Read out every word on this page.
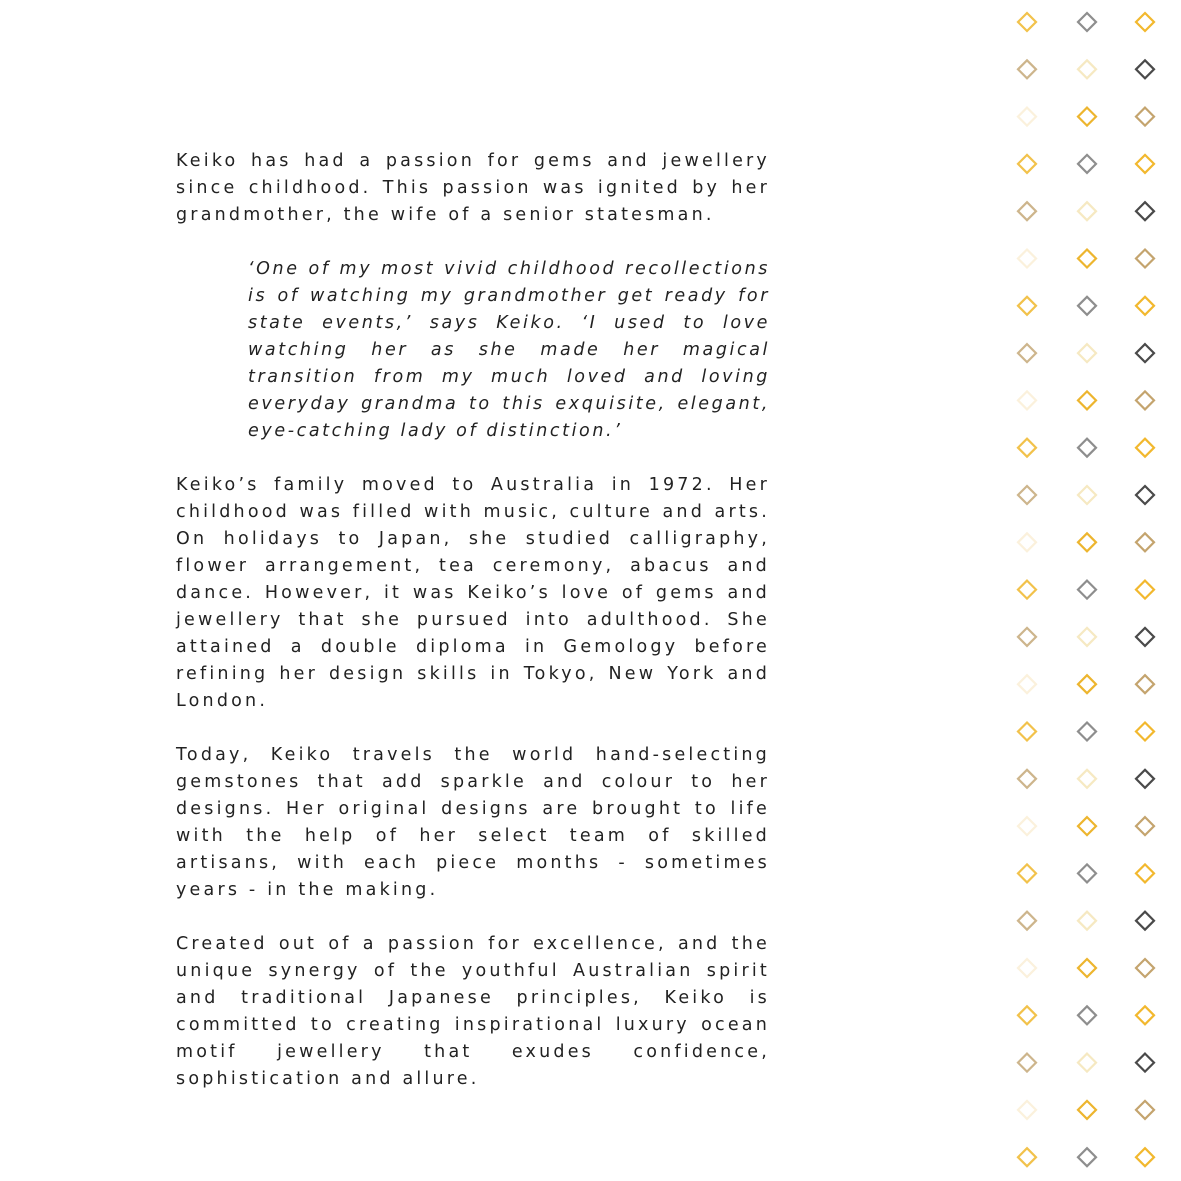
Keiko has had a passion for gems and jewellery since childhood. This passion was ignited by her grandmother, the wife of a senior statesman.

‘One of my most vivid childhood recollections is of watching my grandmother get ready for state events,’ says Keiko. ‘I used to love watching her as she made her magical transition from my much loved and loving everyday grandma to this exquisite, elegant, eye-catching lady of distinction.’

Keiko’s family moved to Australia in 1972. Her childhood was filled with music, culture and arts. On holidays to Japan, she studied calligraphy, flower arrangement, tea ceremony, abacus and dance. However, it was Keiko’s love of gems and jewellery that she pursued into adulthood. She attained a double diploma in Gemology before refining her design skills in Tokyo, New York and London.

Today, Keiko travels the world hand-selecting gemstones that add sparkle and colour to her designs. Her original designs are brought to life with the help of her select team of skilled artisans, with each piece months - sometimes years - in the making.

Created out of a passion for excellence, and the unique synergy of the youthful Australian spirit and traditional Japanese principles, Keiko is committed to creating inspirational luxury ocean motif jewellery that exudes confidence, sophistication and allure.
